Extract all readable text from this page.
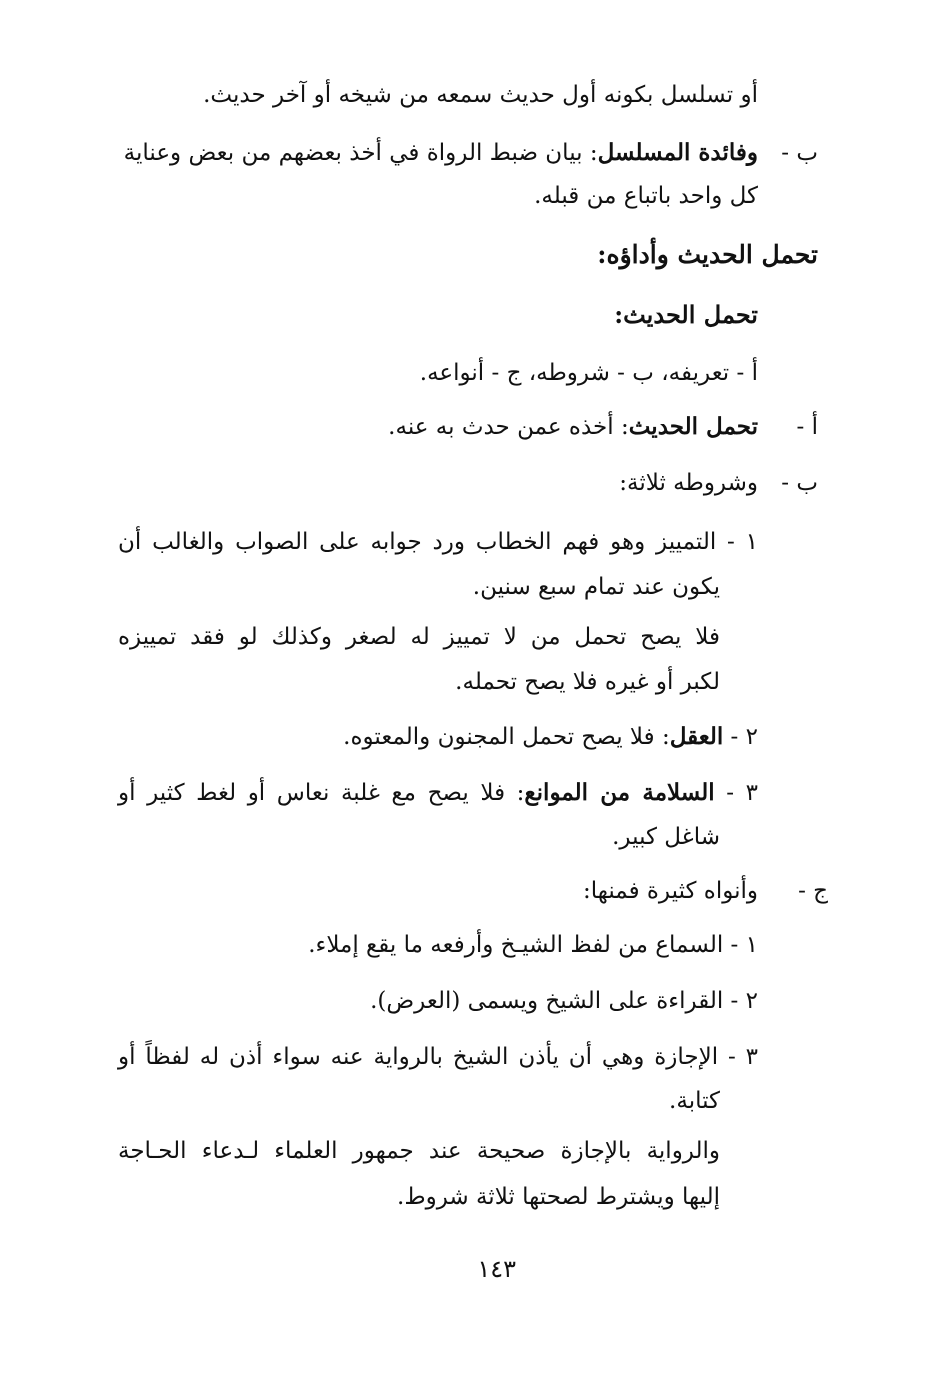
أو تسلسل بكونه أول حديث سمعه من شيخه أو آخر حديث.
ب -
وفائدة المسلسل: بيان ضبط الرواة في أخذ بعضهم من بعض وعناية
كل واحد باتباع من قبله.
تحمل الحديث وأداؤه:
تحمل الحديث:
أ - تعريفه، ب - شروطه، ج - أنواعه.
أ -
تحمل الحديث: أخذه عمن حدث به عنه.
ب -
وشروطه ثلاثة:
١ - التمييز وهو فهم الخطاب ورد جوابه على الصواب والغالب أن
يكون عند تمام سبع سنين.
فلا يصح تحمل من لا تمييز له لصغر وكذلك لو فقد تمييزه
لكبر أو غيره فلا يصح تحمله.
٢ - العقل: فلا يصح تحمل المجنون والمعتوه.
٣ - السلامة من الموانع: فلا يصح مع غلبة نعاس أو لغط كثير أو
شاغل كبير.
ج -
وأنواه كثيرة فمنها:
١ - السماع من لفظ الشيـخ وأرفعه ما يقع إملاء.
٢ - القراءة على الشيخ ويسمى (العرض).
٣ - الإجازة وهي أن يأذن الشيخ بالرواية عنه سواء أذن له لفظاً أو
كتابة.
والرواية بالإجازة صحيحة عند جمهور العلماء لـدعاء الحـاجة
إليها ويشترط لصحتها ثلاثة شروط.
١٤٣
